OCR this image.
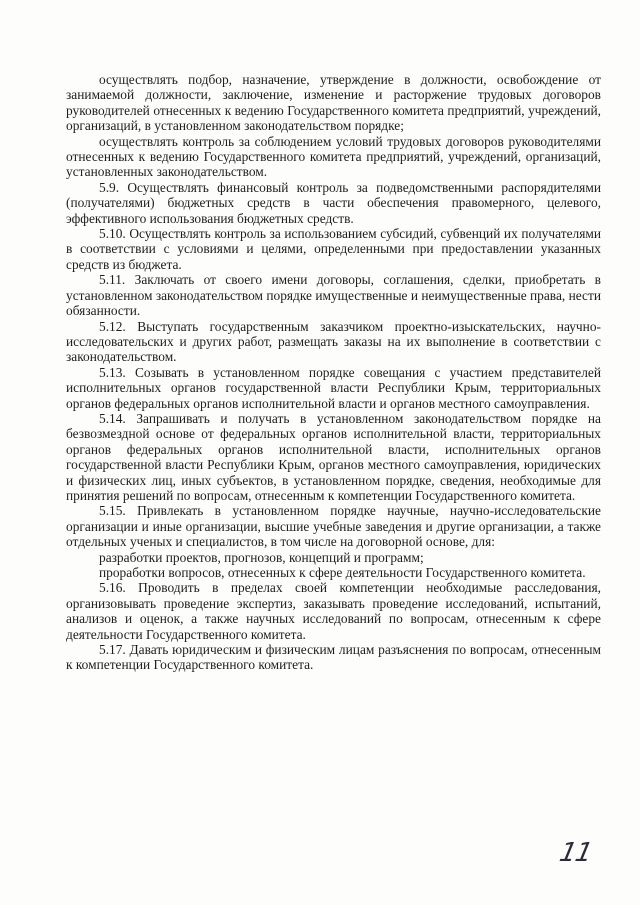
осуществлять подбор, назначение, утверждение в должности, освобождение от занимаемой должности, заключение, изменение и расторжение трудовых договоров руководителей отнесенных к ведению Государственного комитета предприятий, учреждений, организаций, в установленном законодательством порядке;

осуществлять контроль за соблюдением условий трудовых договоров руководителями отнесенных к ведению Государственного комитета предприятий, учреждений, организаций, установленных законодательством.

5.9. Осуществлять финансовый контроль за подведомственными распорядителями (получателями) бюджетных средств в части обеспечения правомерного, целевого, эффективного использования бюджетных средств.

5.10. Осуществлять контроль за использованием субсидий, субвенций их получателями в соответствии с условиями и целями, определенными при предоставлении указанных средств из бюджета.

5.11. Заключать от своего имени договоры, соглашения, сделки, приобретать в установленном законодательством порядке имущественные и неимущественные права, нести обязанности.

5.12. Выступать государственным заказчиком проектно-изыскательских, научно-исследовательских и других работ, размещать заказы на их выполнение в соответствии с законодательством.

5.13. Созывать в установленном порядке совещания с участием представителей исполнительных органов государственной власти Республики Крым, территориальных органов федеральных органов исполнительной власти и органов местного самоуправления.

5.14. Запрашивать и получать в установленном законодательством порядке на безвозмездной основе от федеральных органов исполнительной власти, территориальных органов федеральных органов исполнительной власти, исполнительных органов государственной власти Республики Крым, органов местного самоуправления, юридических и физических лиц, иных субъектов, в установленном порядке, сведения, необходимые для принятия решений по вопросам, отнесенным к компетенции Государственного комитета.

5.15. Привлекать в установленном порядке научные, научно-исследовательские организации и иные организации, высшие учебные заведения и другие организации, а также отдельных ученых и специалистов, в том числе на договорной основе, для:

разработки проектов, прогнозов, концепций и программ;

проработки вопросов, отнесенных к сфере деятельности Государственного комитета.

5.16. Проводить в пределах своей компетенции необходимые расследования, организовывать проведение экспертиз, заказывать проведение исследований, испытаний, анализов и оценок, а также научных исследований по вопросам, отнесенным к сфере деятельности Государственного комитета.

5.17. Давать юридическим и физическим лицам разъяснения по вопросам, отнесенным к компетенции Государственного комитета.

11
